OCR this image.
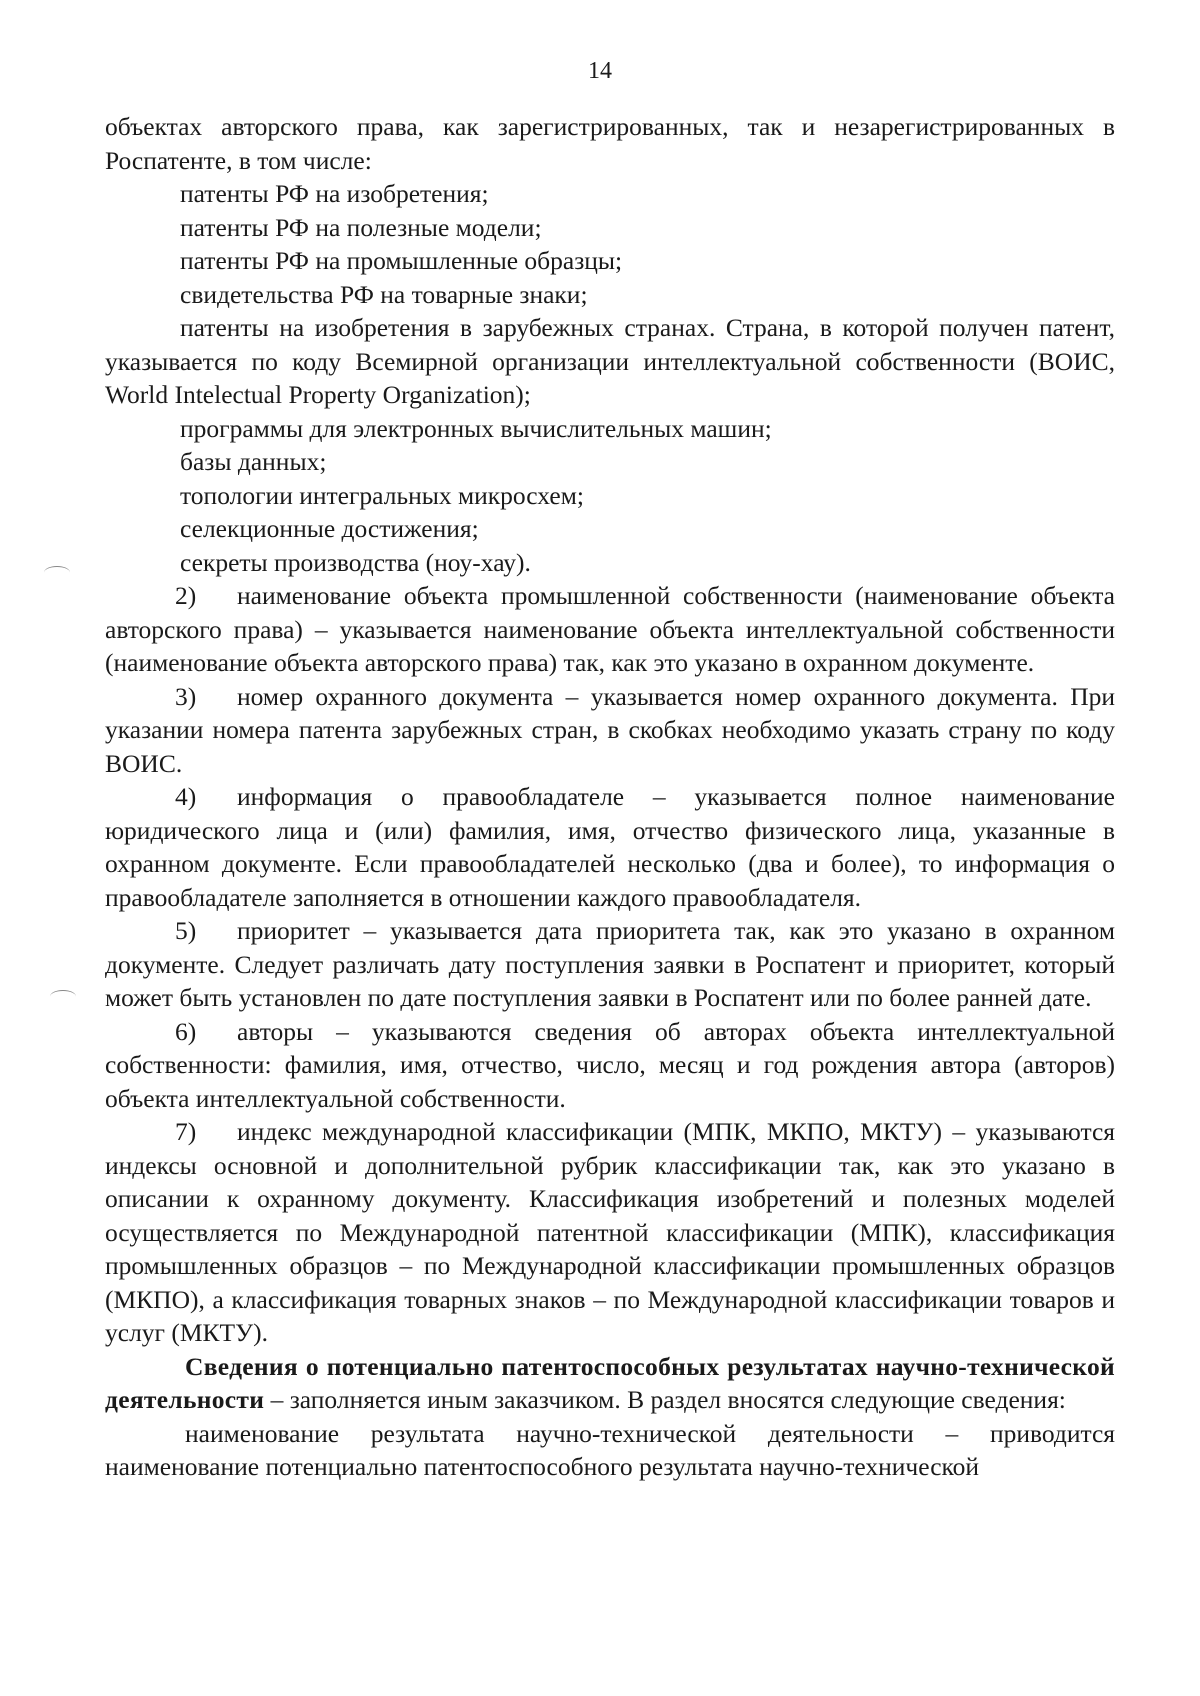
14

объектах авторского права, как зарегистрированных, так и незарегистрированных в Роспатенте, в том числе:

патенты РФ на изобретения;

патенты РФ на полезные модели;

патенты РФ на промышленные образцы;

свидетельства РФ на товарные знаки;

патенты на изобретения в зарубежных странах. Страна, в которой получен патент, указывается по коду Всемирной организации интеллектуальной собственности (ВОИС, World Intelectual Property Organization);

программы для электронных вычислительных машин;

базы данных;

топологии интегральных микросхем;

селекционные достижения;

секреты производства (ноу-хау).

2) наименование объекта промышленной собственности (наименование объекта авторского права) – указывается наименование объекта интеллектуальной собственности (наименование объекта авторского права) так, как это указано в охранном документе.

3) номер охранного документа – указывается номер охранного документа. При указании номера патента зарубежных стран, в скобках необходимо указать страну по коду ВОИС.

4) информация о правообладателе – указывается полное наименование юридического лица и (или) фамилия, имя, отчество физического лица, указанные в охранном документе. Если правообладателей несколько (два и более), то информация о правообладателе заполняется в отношении каждого правообладателя.

5) приоритет – указывается дата приоритета так, как это указано в охранном документе. Следует различать дату поступления заявки в Роспатент и приоритет, который может быть установлен по дате поступления заявки в Роспатент или по более ранней дате.

6) авторы – указываются сведения об авторах объекта интеллектуальной собственности: фамилия, имя, отчество, число, месяц и год рождения автора (авторов) объекта интеллектуальной собственности.

7) индекс международной классификации (МПК, МКПО, МКТУ) – указываются индексы основной и дополнительной рубрик классификации так, как это указано в описании к охранному документу. Классификация изобретений и полезных моделей осуществляется по Международной патентной классификации (МПК), классификация промышленных образцов – по Международной классификации промышленных образцов (МКПО), а классификация товарных знаков – по Международной классификации товаров и услуг (МКТУ).

Сведения о потенциально патентоспособных результатах научно-технической деятельности – заполняется иным заказчиком. В раздел вносятся следующие сведения:

наименование результата научно-технической деятельности – приводится наименование потенциально патентоспособного результата научно-технической
